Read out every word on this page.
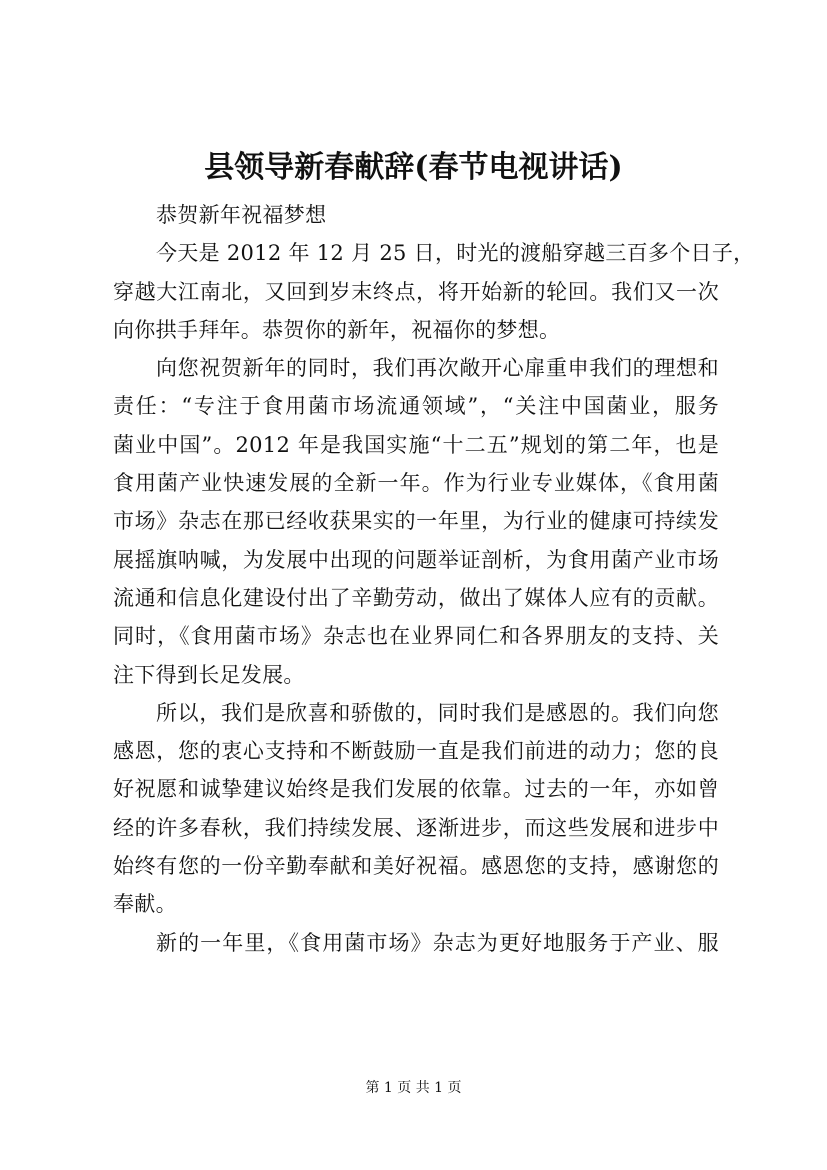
县领导新春献辞(春节电视讲话)

恭贺新年祝福梦想

今天是 2012 年 12 月 25 日，时光的渡船穿越三百多个日子，
穿越大江南北，又回到岁末终点，将开始新的轮回。我们又一次
向你拱手拜年。恭贺你的新年，祝福你的梦想。

向您祝贺新年的同时，我们再次敞开心扉重申我们的理想和
责任：“专注于食用菌市场流通领域”，“关注中国菌业，服务
菌业中国”。2012 年是我国实施“十二五”规划的第二年，也是
食用菌产业快速发展的全新一年。作为行业专业媒体，《食用菌
市场》杂志在那已经收获果实的一年里，为行业的健康可持续发
展摇旗呐喊，为发展中出现的问题举证剖析，为食用菌产业市场
流通和信息化建设付出了辛勤劳动，做出了媒体人应有的贡献。
同时，《食用菌市场》杂志也在业界同仁和各界朋友的支持、关
注下得到长足发展。

所以，我们是欣喜和骄傲的，同时我们是感恩的。我们向您
感恩，您的衷心支持和不断鼓励一直是我们前进的动力；您的良
好祝愿和诚挚建议始终是我们发展的依靠。过去的一年，亦如曾
经的许多春秋，我们持续发展、逐渐进步，而这些发展和进步中
始终有您的一份辛勤奉献和美好祝福。感恩您的支持，感谢您的
奉献。

新的一年里，《食用菌市场》杂志为更好地服务于产业、服

第 1 页 共 1 页
